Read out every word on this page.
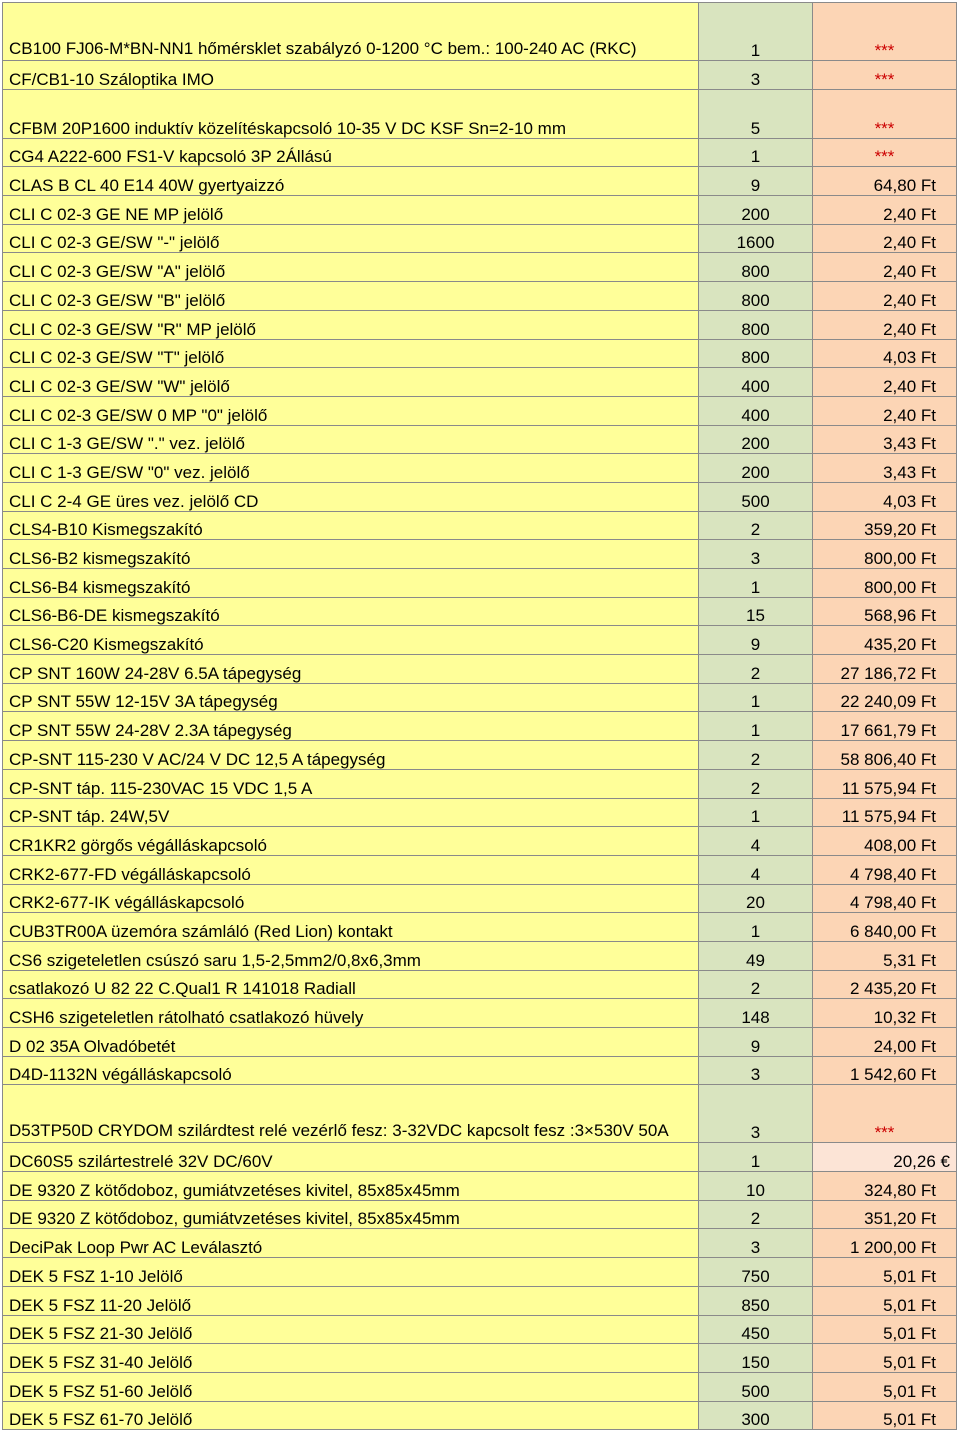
CB100 FJ06-M*BN-NN1 hőmérsklet szabályzó 0-1200 °C bem.: 100-240 AC (RKC)	1	***
CF/CB1-10 Száloptika IMO	3	***
CFBM 20P1600 induktív közelítéskapcsoló 10-35 V DC KSF Sn=2-10 mm	5	***
CG4 A222-600 FS1-V kapcsoló 3P 2Állású	1	***
CLAS B CL 40 E14 40W gyertyaizzó	9	64,80 Ft
CLI C 02-3 GE NE MP jelölő	200	2,40 Ft
CLI C 02-3 GE/SW "-" jelölő	1600	2,40 Ft
CLI C 02-3 GE/SW "A" jelölő	800	2,40 Ft
CLI C 02-3 GE/SW "B" jelölő	800	2,40 Ft
CLI C 02-3 GE/SW "R" MP jelölő	800	2,40 Ft
CLI C 02-3 GE/SW "T" jelölő	800	4,03 Ft
CLI C 02-3 GE/SW "W" jelölő	400	2,40 Ft
CLI C 02-3 GE/SW 0 MP "0" jelölő	400	2,40 Ft
CLI C 1-3 GE/SW "." vez. jelölő	200	3,43 Ft
CLI C 1-3 GE/SW "0" vez. jelölő	200	3,43 Ft
CLI C 2-4 GE üres vez. jelölő CD	500	4,03 Ft
CLS4-B10 Kismegszakító	2	359,20 Ft
CLS6-B2 kismegszakító	3	800,00 Ft
CLS6-B4 kismegszakító	1	800,00 Ft
CLS6-B6-DE kismegszakító	15	568,96 Ft
CLS6-C20 Kismegszakító	9	435,20 Ft
CP SNT 160W 24-28V 6.5A tápegység	2	27 186,72 Ft
CP SNT 55W 12-15V 3A tápegység	1	22 240,09 Ft
CP SNT 55W 24-28V 2.3A tápegység	1	17 661,79 Ft
CP-SNT 115-230 V AC/24 V DC 12,5 A tápegység	2	58 806,40 Ft
CP-SNT táp. 115-230VAC 15 VDC 1,5 A	2	11 575,94 Ft
CP-SNT táp. 24W,5V	1	11 575,94 Ft
CR1KR2 görgős végálláskapcsoló	4	408,00 Ft
CRK2-677-FD végálláskapcsoló	4	4 798,40 Ft
CRK2-677-IK végálláskapcsoló	20	4 798,40 Ft
CUB3TR00A üzemóra számláló (Red Lion) kontakt	1	6 840,00 Ft
CS6 szigeteletlen csúszó saru 1,5-2,5mm2/0,8x6,3mm	49	5,31 Ft
csatlakozó U 82 22 C.Qual1 R 141018 Radiall	2	2 435,20 Ft
CSH6 szigeteletlen rátolható csatlakozó hüvely	148	10,32 Ft
D 02 35A Olvadóbetét	9	24,00 Ft
D4D-1132N végálláskapcsoló	3	1 542,60 Ft
D53TP50D CRYDOM szilárdtest relé vezérlő fesz: 3-32VDC kapcsolt fesz :3×530V 50A	3	***
DC60S5 szilártestrelé 32V DC/60V	1	20,26 €
DE 9320 Z kötődoboz, gumiátvzetéses kivitel, 85x85x45mm	10	324,80 Ft
DE 9320 Z kötődoboz, gumiátvzetéses kivitel, 85x85x45mm	2	351,20 Ft
DeciPak Loop Pwr AC Leválasztó	3	1 200,00 Ft
DEK 5 FSZ 1-10 Jelölő	750	5,01 Ft
DEK 5 FSZ 11-20 Jelölő	850	5,01 Ft
DEK 5 FSZ 21-30 Jelölő	450	5,01 Ft
DEK 5 FSZ 31-40 Jelölő	150	5,01 Ft
DEK 5 FSZ 51-60 Jelölő	500	5,01 Ft
DEK 5 FSZ 61-70 Jelölő	300	5,01 Ft
